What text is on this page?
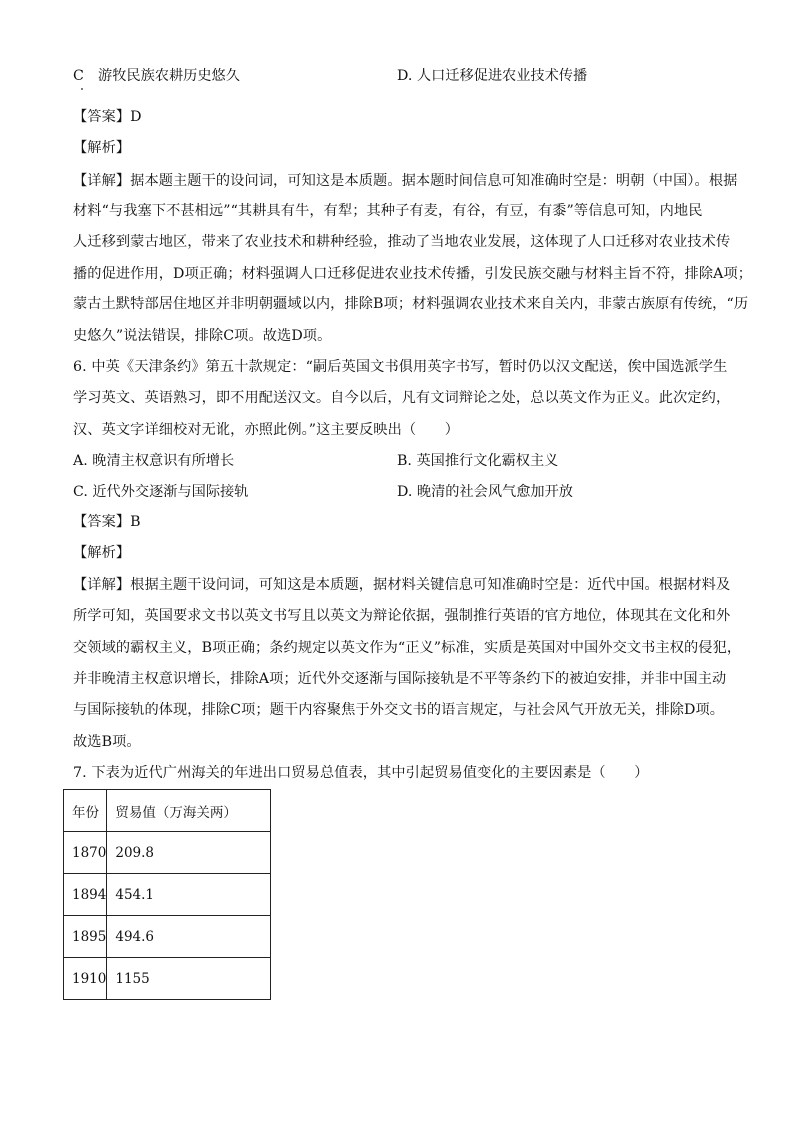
C　游牧民族农耕历史悠久	D. 人口迁移促进农业技术传播
【答案】D
【解析】
【详解】据本题主题干的设问词，可知这是本质题。据本题时间信息可知准确时空是：明朝（中国）。根据
材料“与我塞下不甚相远”“其耕具有牛，有犁；其种子有麦，有谷，有豆，有黍”等信息可知，内地民
人迁移到蒙古地区，带来了农业技术和耕种经验，推动了当地农业发展，这体现了人口迁移对农业技术传
播的促进作用，D项正确；材料强调人口迁移促进农业技术传播，引发民族交融与材料主旨不符，排除A项；
蒙古土默特部居住地区并非明朝疆域以内，排除B项；材料强调农业技术来自关内，非蒙古族原有传统，“历
史悠久”说法错误，排除C项。故选D项。
6. 中英《天津条约》第五十款规定：“嗣后英国文书俱用英字书写，暂时仍以汉文配送，俟中国选派学生
学习英文、英语熟习，即不用配送汉文。自今以后，凡有文词辩论之处，总以英文作为正义。此次定约，
汉、英文字详细校对无讹，亦照此例。”这主要反映出（　　）
A. 晚清主权意识有所增长	B. 英国推行文化霸权主义
C. 近代外交逐渐与国际接轨	D. 晚清的社会风气愈加开放
【答案】B
【解析】
【详解】根据主题干设问词，可知这是本质题，据材料关键信息可知准确时空是：近代中国。根据材料及
所学可知，英国要求文书以英文书写且以英文为辩论依据，强制推行英语的官方地位，体现其在文化和外
交领域的霸权主义，B项正确；条约规定以英文作为“正义”标准，实质是英国对中国外交文书主权的侵犯，
并非晚清主权意识增长，排除A项；近代外交逐渐与国际接轨是不平等条约下的被迫安排，并非中国主动
与国际接轨的体现，排除C项；题干内容聚焦于外交文书的语言规定，与社会风气开放无关，排除D项。
故选B项。
7. 下表为近代广州海关的年进出口贸易总值表，其中引起贸易值变化的主要因素是（　　）
年份	贸易值（万海关两）
1870	209.8
1894	454.1
1895	494.6
1910	1155
